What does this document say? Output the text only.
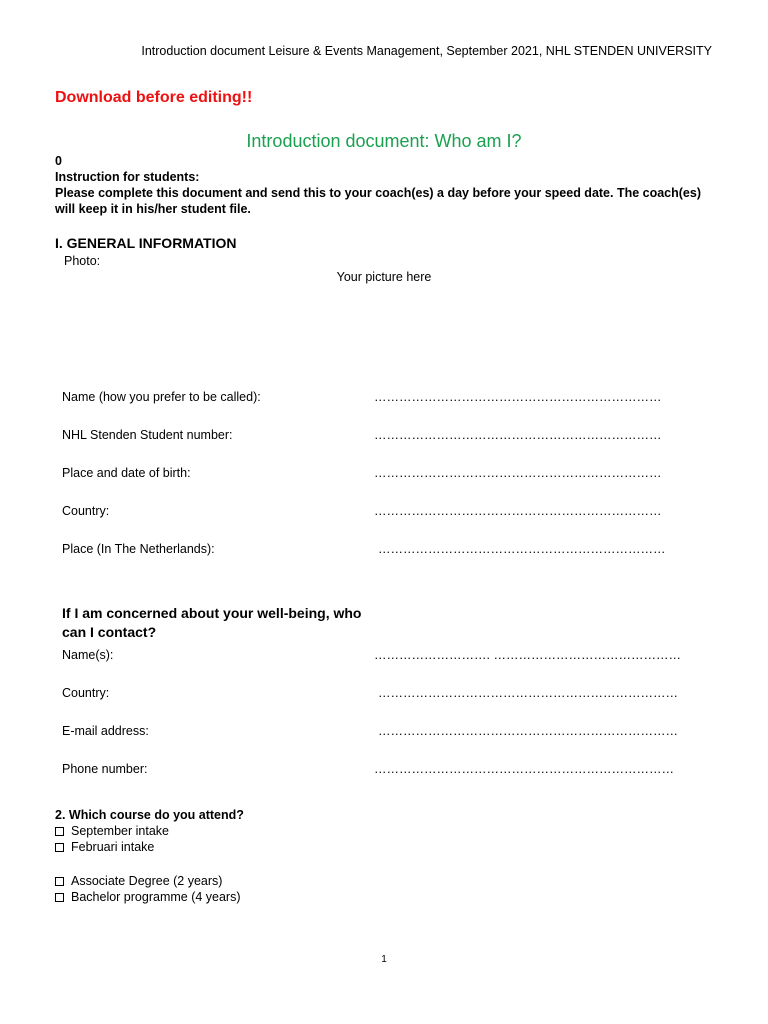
Introduction document Leisure & Events Management, September 2021, NHL STENDEN UNIVERSITY
Download before editing!!
Introduction document: Who am I?
0
Instruction for students:
Please complete this document and send this to your coach(es) a day before your speed date. The coach(es)
will keep it in his/her student file.
I. GENERAL INFORMATION
Photo:
Your picture here
Name (how you prefer to be called):	……………………………………………………………
NHL Stenden Student number:	……………………………………………………………
Place and date of birth:	……………………………………………………………
Country:	……………………………………………………………
Place (In The Netherlands):	……………………………………………………………
If I am concerned about your well-being, who can I contact?
Name(s):	………………………. ………………………………………
Country:	………………………………………………………………
E-mail address:	………………………………………………………………
Phone number:	………………………………………………………………
2. Which course do you attend?
September intake
Februari intake
Associate Degree (2 years)
Bachelor programme (4 years)
1
